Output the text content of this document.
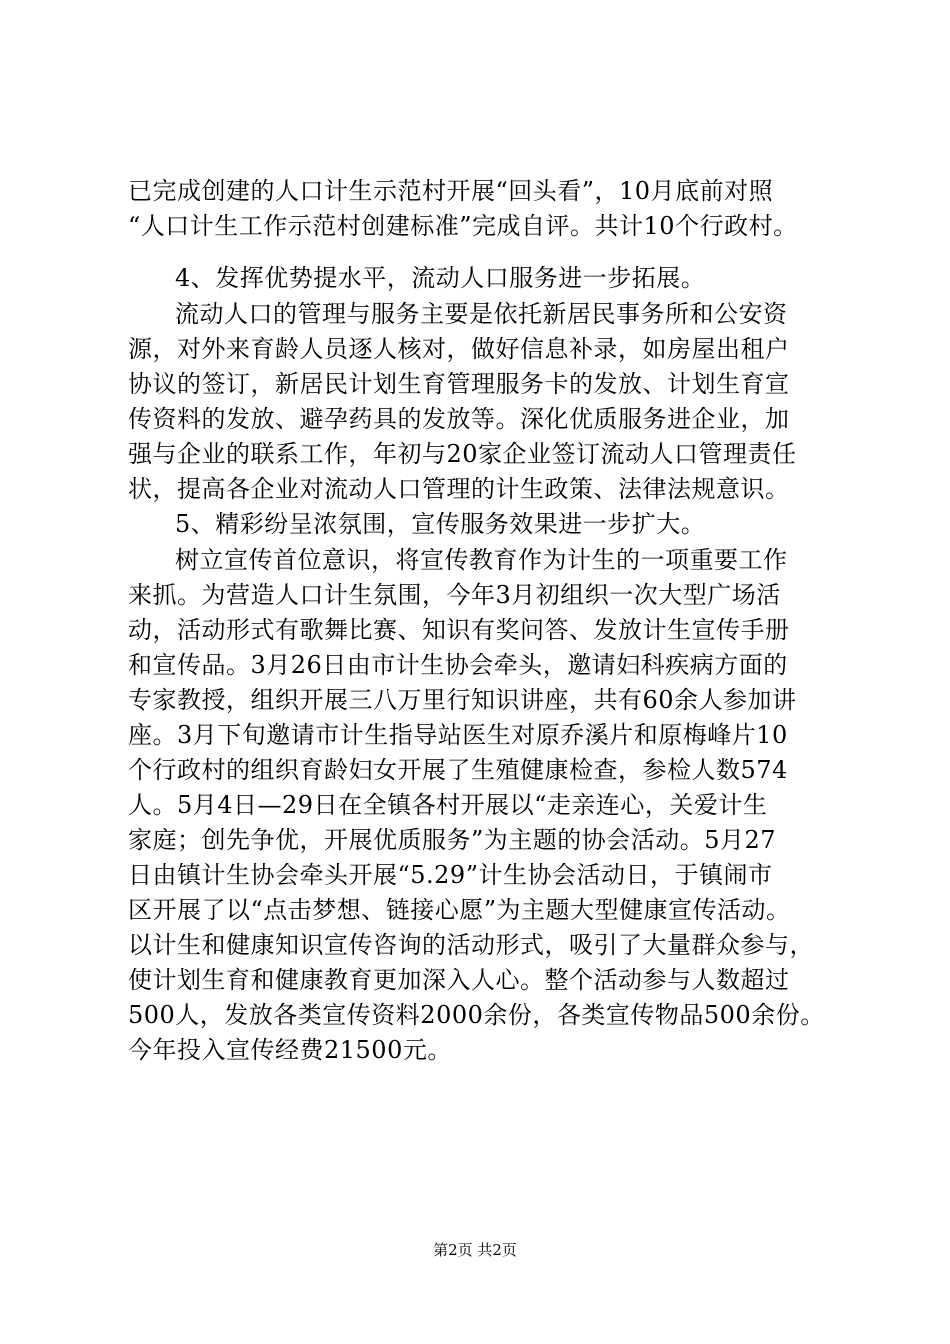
已完成创建的人口计生示范村开展“回头看”，10月底前对照
“人口计生工作示范村创建标准”完成自评。共计10个行政村。
4、发挥优势提水平，流动人口服务进一步拓展。
流动人口的管理与服务主要是依托新居民事务所和公安资
源，对外来育龄人员逐人核对，做好信息补录，如房屋出租户
协议的签订，新居民计划生育管理服务卡的发放、计划生育宣
传资料的发放、避孕药具的发放等。深化优质服务进企业，加
强与企业的联系工作，年初与20家企业签订流动人口管理责任
状，提高各企业对流动人口管理的计生政策、法律法规意识。
5、精彩纷呈浓氛围，宣传服务效果进一步扩大。
树立宣传首位意识，将宣传教育作为计生的一项重要工作
来抓。为营造人口计生氛围，今年3月初组织一次大型广场活
动，活动形式有歌舞比赛、知识有奖问答、发放计生宣传手册
和宣传品。3月26日由市计生协会牵头，邀请妇科疾病方面的
专家教授，组织开展三八万里行知识讲座，共有60余人参加讲
座。3月下旬邀请市计生指导站医生对原乔溪片和原梅峰片10
个行政村的组织育龄妇女开展了生殖健康检查，参检人数574
人。5月4日—29日在全镇各村开展以“走亲连心，关爱计生
家庭；创先争优，开展优质服务”为主题的协会活动。5月27
日由镇计生协会牵头开展“5.29”计生协会活动日，于镇闹市
区开展了以“点击梦想、链接心愿”为主题大型健康宣传活动。
以计生和健康知识宣传咨询的活动形式，吸引了大量群众参与，
使计划生育和健康教育更加深入人心。整个活动参与人数超过
500人，发放各类宣传资料2000余份，各类宣传物品500余份。
今年投入宣传经费21500元。
第2页 共2页
